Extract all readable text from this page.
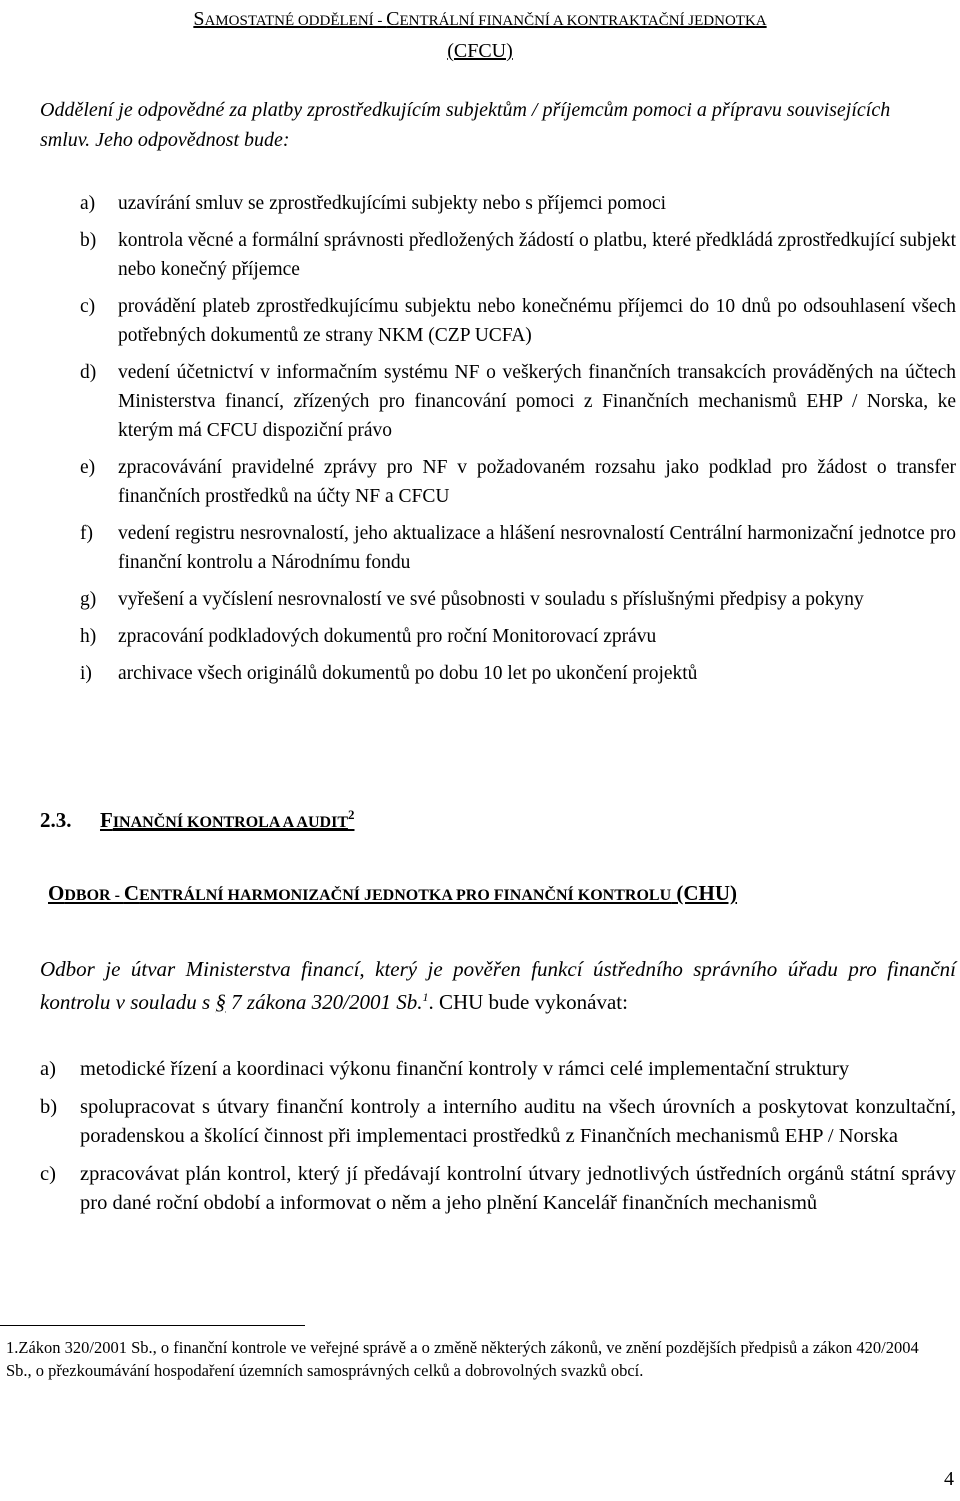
SAMOSTATNÉ ODDĚLENÍ - CENTRÁLNÍ FINANČNÍ A KONTRAKTAČNÍ JEDNOTKA
(CFCU)
Oddělení je odpovědné za platby zprostředkujícím subjektům / příjemcům pomoci a přípravu souvisejících smluv. Jeho odpovědnost bude:
a) uzavírání smluv se zprostředkujícími subjekty nebo s příjemci pomoci
b) kontrola věcné a formální správnosti předložených žádostí o platbu, které předkládá zprostředkující subjekt nebo konečný příjemce
c) provádění plateb zprostředkujícímu subjektu nebo konečnému příjemci do 10 dnů po odsouhlasení všech potřebných dokumentů ze strany NKM (CZP UCFA)
d) vedení účetnictví v informačním systému NF o veškerých finančních transakcích prováděných na účtech Ministerstva financí, zřízených pro financování pomoci z Finančních mechanismů EHP / Norska, ke kterým má CFCU dispoziční právo
e) zpracovávání pravidelné zprávy pro NF v požadovaném rozsahu jako podklad pro žádost o transfer finančních prostředků na účty NF a CFCU
f) vedení registru nesrovnalostí, jeho aktualizace a hlášení nesrovnalostí Centrální harmonizační jednotce pro finanční kontrolu a Národnímu fondu
g) vyřešení a vyčíslení nesrovnalostí ve své působnosti v souladu s příslušnými předpisy a pokyny
h) zpracování podkladových dokumentů pro roční Monitorovací zprávu
i) archivace všech originálů dokumentů po dobu 10 let po ukončení projektů
2.3. FINANČNÍ KONTROLA A AUDIT$^2$
ODBOR - CENTRÁLNÍ HARMONIZAČNÍ JEDNOTKA PRO FINANČNÍ KONTROLU (CHU)
Odbor je útvar Ministerstva financí, který je pověřen funkcí ústředního správního úřadu pro finanční kontrolu v souladu s § 7 zákona 320/2001 Sb.$^1$. CHU bude vykonávat:
a) metodické řízení a koordinaci výkonu finanční kontroly v rámci celé implementační struktury
b) spolupracovat s útvary finanční kontroly a interního auditu na všech úrovních a poskytovat konzultační, poradenskou a školící činnost při implementaci prostředků z Finančních mechanismů EHP / Norska
c) zpracovávat plán kontrol, který jí předávají kontrolní útvary jednotlivých ústředních orgánů státní správy pro dané roční období a informovat o něm a jeho plnění Kancelář finančních mechanismů
1.Zákon 320/2001 Sb., o finanční kontrole ve veřejné správě a o změně některých zákonů, ve znění pozdějších předpisů a zákon 420/2004 Sb., o přezkoumávání hospodaření územních samosprávných celků a dobrovolných svazků obcí.
4
